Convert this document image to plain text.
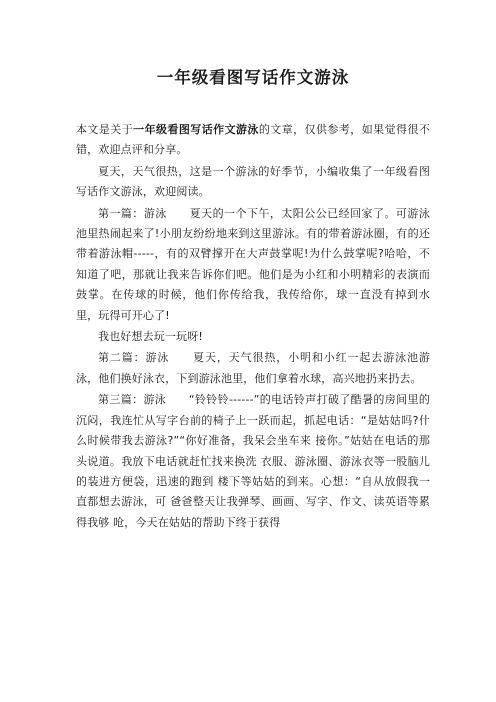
一年级看图写话作文游泳

本文是关于一年级看图写话作文游泳的文章，仅供参考，如果觉得很不错，欢迎点评和分享。

夏天，天气很热，这是一个游泳的好季节，小编收集了一年级看图写话作文游泳，欢迎阅读。

第一篇：游泳　　夏天的一个下午，太阳公公已经回家了。可游泳池里热闹起来了!小朋友纷纷地来到这里游泳。有的带着游泳圈，有的还带着游泳帽-----，有的双臂撑开在大声鼓掌呢!为什么鼓掌呢?哈哈，不知道了吧，那就让我来告诉你们吧。他们是为小红和小明精彩的表演而鼓掌。在传球的时候，他们你传给我，我传给你，球一直没有掉到水里，玩得可开心了!

我也好想去玩一玩呀!

第二篇：游泳　　夏天，天气很热，小明和小红一起去游泳池游泳，他们换好泳衣，下到游泳池里，他们拿着水球，高兴地扔来扔去。

第三篇：游泳　　“铃铃铃------”的电话铃声打破了酷暑的房间里的 沉闷，我连忙从写字台前的椅子上一跃而起，抓起电话：“是姑姑吗?什么时候带我去游泳?”“你好准备，我呆会坐车来 接你。”姑姑在电话的那头说道。我放下电话就赶忙找来换洗 衣服、游泳圈、游泳衣等一股脑儿的装进方便袋，迅速的跑到 楼下等姑姑的到来。心想：“自从放假我一直都想去游泳，可 爸爸整天让我弹琴、画画、写字、作文、读英语等累得我够 呛，今天在姑姑的帮助下终于获得
